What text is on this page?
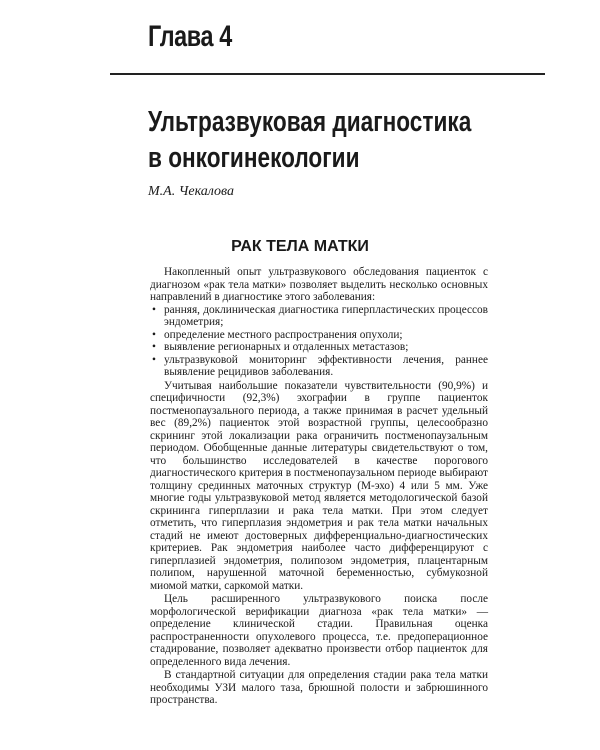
Глава 4
Ультразвуковая диагностика
в онкогинекологии
М.А. Чекалова
РАК ТЕЛА МАТКИ

Накопленный опыт ультразвукового обследования пациенток с диагнозом «рак тела матки» позволяет выделить несколько основных направлений в диагностике этого заболевания:

• ранняя, доклиническая диагностика гиперпластических процессов эндометрия;
• определение местного распространения опухоли;
• выявление регионарных и отдаленных метастазов;
• ультразвуковой мониторинг эффективности лечения, раннее выявление рецидивов заболевания.

Учитывая наибольшие показатели чувствительности (90,9%) и специфичности (92,3%) эхографии в группе пациенток постменопаузального периода, а также принимая в расчет удельный вес (89,2%) пациенток этой возрастной группы, целесообразно скрининг этой локализации рака ограничить постменопаузальным периодом. Обобщенные данные литературы свидетельствуют о том, что большинство исследователей в качестве порогового диагностического критерия в постменопаузальном периоде выбирают толщину срединных маточных структур (М-эхо) 4 или 5 мм. Уже многие годы ультразвуковой метод является методологической базой скрининга гиперплазии и рака тела матки. При этом следует отметить, что гиперплазия эндометрия и рак тела матки начальных стадий не имеют достоверных дифференциально-диагностических критериев. Рак эндометрия наиболее часто дифференцируют с гиперплазией эндометрия, полипозом эндометрия, плацентарным полипом, нарушенной маточной беременностью, субмукозной миомой матки, саркомой матки.

Цель расширенного ультразвукового поиска после морфологической верификации диагноза «рак тела матки» — определение клинической стадии. Правильная оценка распространенности опухолевого процесса, т.е. предоперационное стадирование, позволяет адекватно произвести отбор пациенток для определенного вида лечения.

В стандартной ситуации для определения стадии рака тела матки необходимы УЗИ малого таза, брюшной полости и забрюшинного пространства.
